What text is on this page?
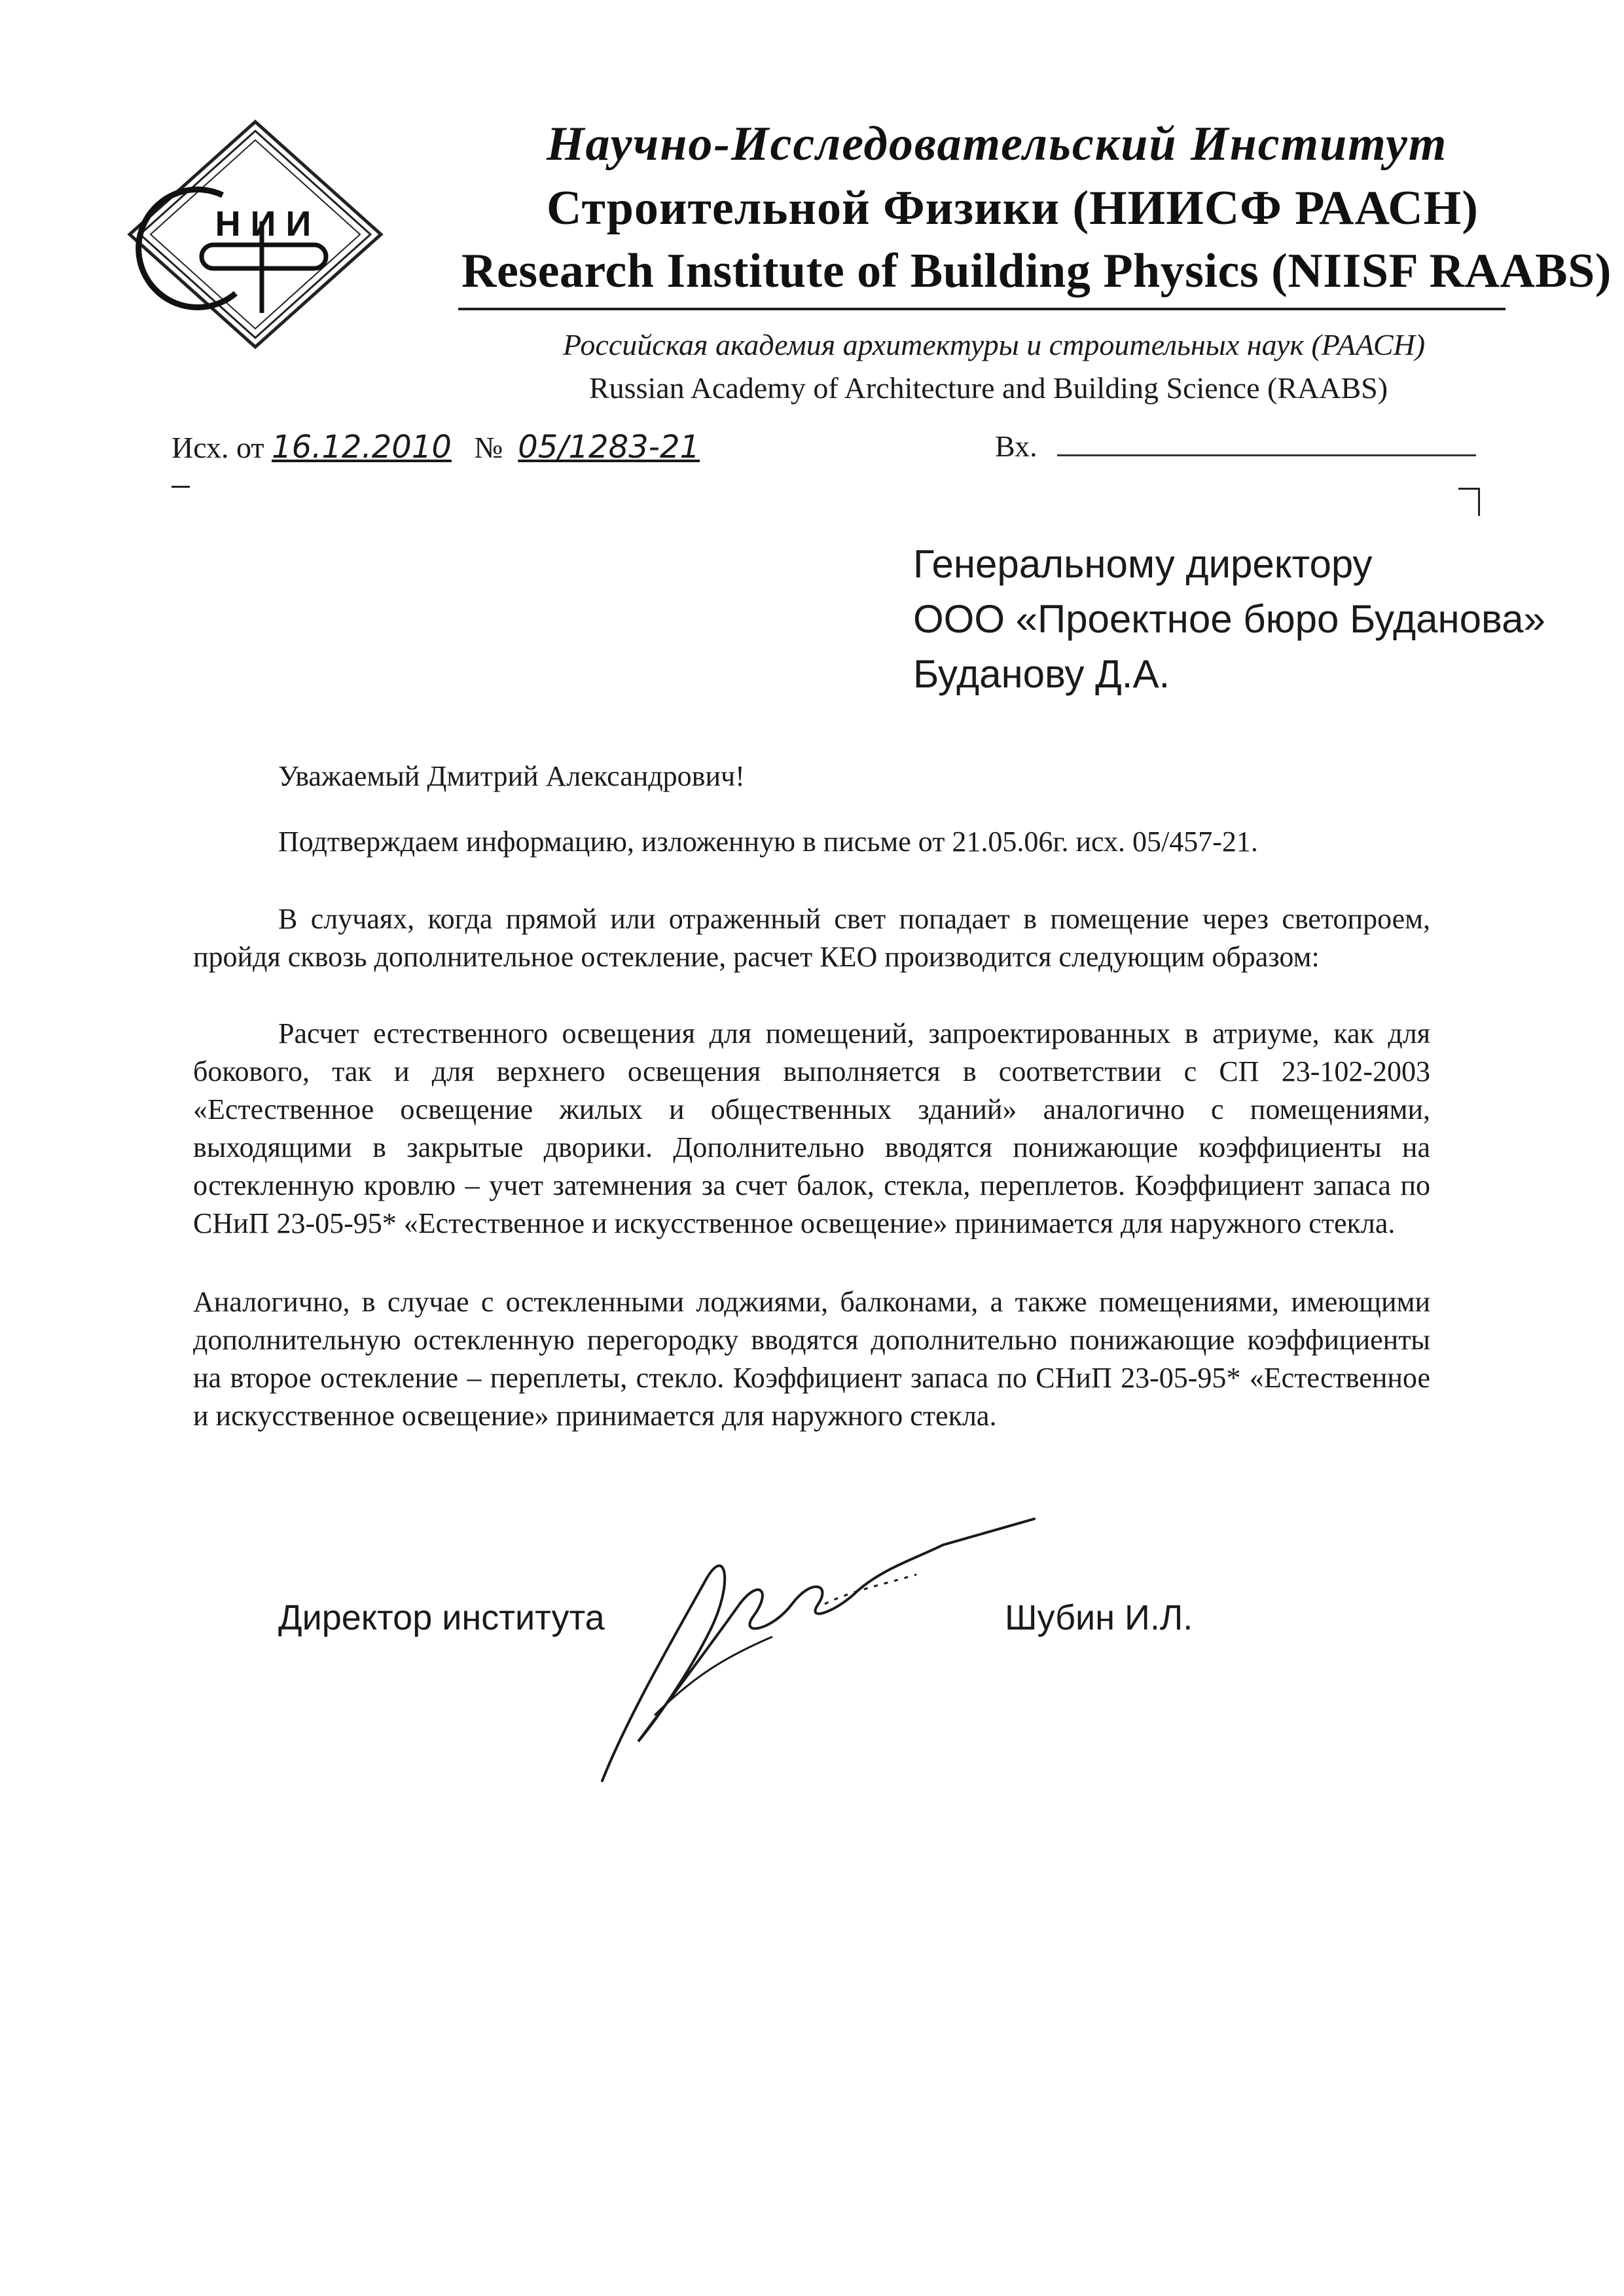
Н И И
Научно-Исследовательский Институт
Строительной Физики (НИИСФ РААСН)
Research Institute of Building Physics (NIISF RAABS)
Российская академия архитектуры и строительных наук (РААСН)
Russian Academy of Architecture and Building Science (RAABS)
Исх. от 16.12.2010 № 05/1283-21	Вх.
Генеральному директору
ООО «Проектное бюро Буданова»
Буданову Д.А.
Уважаемый Дмитрий Александрович!
Подтверждаем информацию, изложенную в письме от 21.05.06г. исх. 05/457-21.

В случаях, когда прямой или отраженный свет попадает в помещение через светопроем, пройдя сквозь дополнительное остекление, расчет КЕО производится следующим образом:

Расчет естественного освещения для помещений, запроектированных в атриуме, как для бокового, так и для верхнего освещения выполняется в соответствии с СП 23-102-2003 «Естественное освещение жилых и общественных зданий» аналогично с помещениями, выходящими в закрытые дворики. Дополнительно вводятся понижающие коэффициенты на остекленную кровлю – учет затемнения за счет балок, стекла, переплетов. Коэффициент запаса по СНиП 23-05-95* «Естественное и искусственное освещение» принимается для наружного стекла.

Аналогично, в случае с остекленными лоджиями, балконами, а также помещениями, имеющими дополнительную остекленную перегородку вводятся дополнительно понижающие коэффициенты на второе остекление – переплеты, стекло. Коэффициент запаса по СНиП 23-05-95* «Естественное и искусственное освещение» принимается для наружного стекла.

Директор института	Шубин И.Л.
